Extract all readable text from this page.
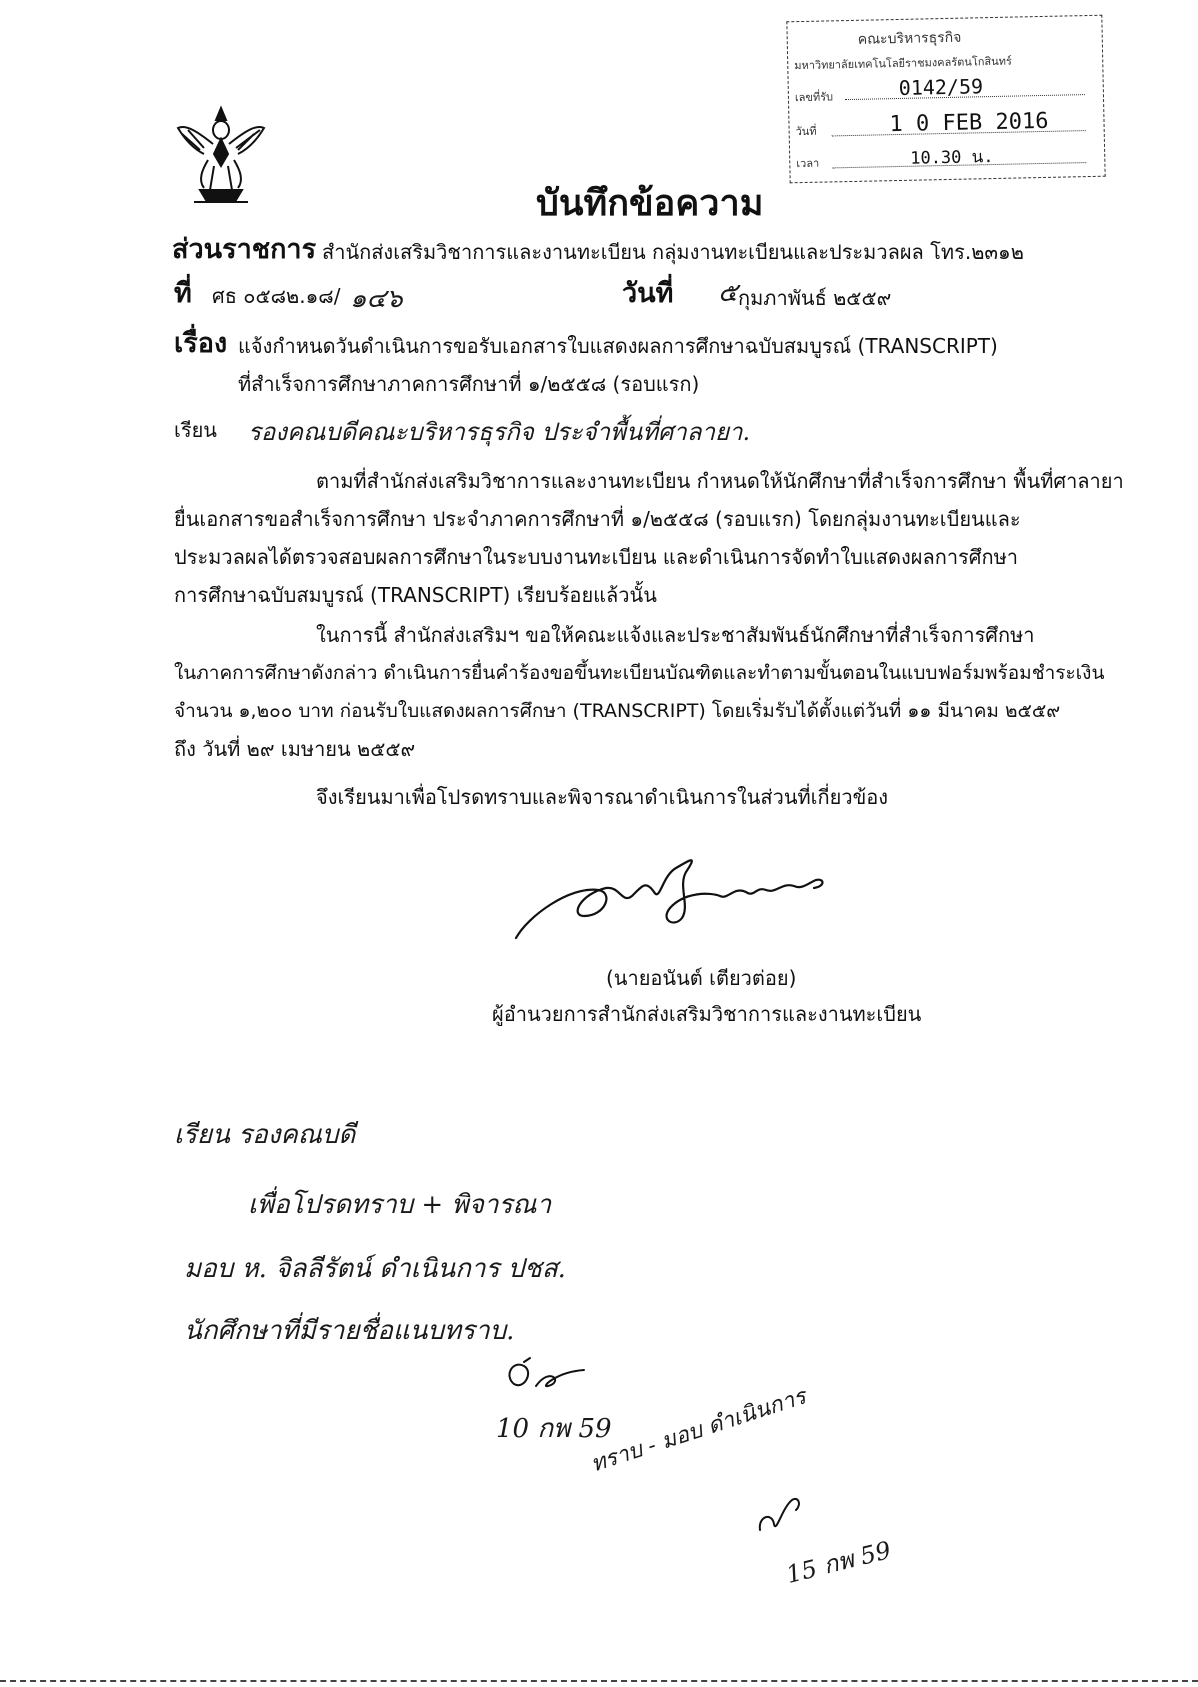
คณะบริหารธุรกิจ
มหาวิทยาลัยเทคโนโลยีราชมงคลรัตนโกสินทร์
เลขที่รับ	0142/59
วันที่	1 0 FEB 2016
เวลา	10.30 น.
บันทึกข้อความ
ส่วนราชการ สำนักส่งเสริมวิชาการและงานทะเบียน กลุ่มงานทะเบียนและประมวลผล โทร.๒๓๑๒
ที่ ศธ ๐๕๘๒.๑๘/ ๑๔๖	วันที่ ๕ กุมภาพันธ์ ๒๕๕๙
เรื่อง แจ้งกำหนดวันดำเนินการขอรับเอกสารใบแสดงผลการศึกษาฉบับสมบูรณ์ (TRANSCRIPT)
ที่สำเร็จการศึกษาภาคการศึกษาที่ ๑/๒๕๕๘ (รอบแรก)
เรียน รองคณบดีคณะบริหารธุรกิจ ประจำพื้นที่ศาลายา.
ตามที่สำนักส่งเสริมวิชาการและงานทะเบียน กำหนดให้นักศึกษาที่สำเร็จการศึกษา พื้นที่ศาลายา
ยื่นเอกสารขอสำเร็จการศึกษา ประจำภาคการศึกษาที่ ๑/๒๕๕๘ (รอบแรก) โดยกลุ่มงานทะเบียนและ
ประมวลผลได้ตรวจสอบผลการศึกษาในระบบงานทะเบียน และดำเนินการจัดทำใบแสดงผลการศึกษา
การศึกษาฉบับสมบูรณ์ (TRANSCRIPT) เรียบร้อยแล้วนั้น
ในการนี้ สำนักส่งเสริมฯ ขอให้คณะแจ้งและประชาสัมพันธ์นักศึกษาที่สำเร็จการศึกษา
ในภาคการศึกษาดังกล่าว ดำเนินการยื่นคำร้องขอขึ้นทะเบียนบัณฑิตและทำตามขั้นตอนในแบบฟอร์มพร้อมชำระเงิน
จำนวน ๑,๒๐๐ บาท ก่อนรับใบแสดงผลการศึกษา (TRANSCRIPT) โดยเริ่มรับได้ตั้งแต่วันที่ ๑๑ มีนาคม ๒๕๕๙
ถึง วันที่ ๒๙ เมษายน ๒๕๕๙
จึงเรียนมาเพื่อโปรดทราบและพิจารณาดำเนินการในส่วนที่เกี่ยวข้อง
(นายอนันต์ เตียวต่อย)
ผู้อำนวยการสำนักส่งเสริมวิชาการและงานทะเบียน
เรียน รองคณบดี
เพื่อโปรดทราบ + พิจารณา
มอบ ห. จิลลีรัตน์ ดำเนินการ ปชส.
นักศึกษาที่มีรายชื่อแนบทราบ.
10 กพ 59
ทราบ - มอบ ดำเนินการ
15 กพ 59
